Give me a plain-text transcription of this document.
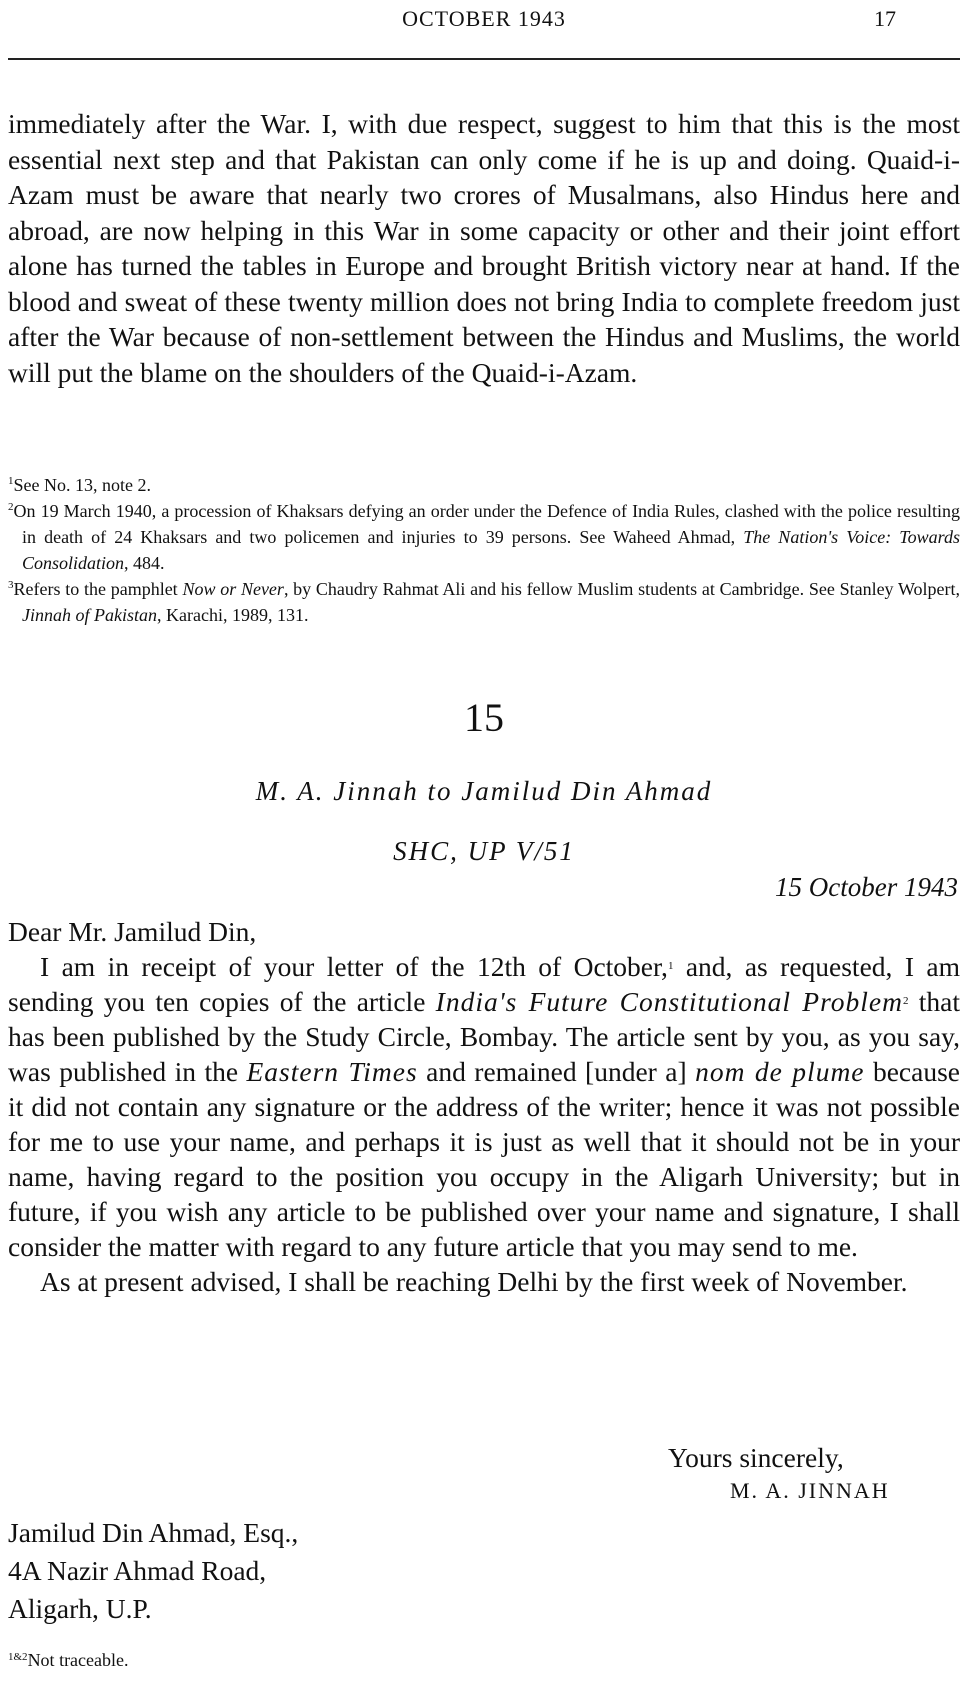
OCTOBER 1943	17

immediately after the War. I, with due respect, suggest to him that this is the most essential next step and that Pakistan can only come if he is up and doing. Quaid-i-Azam must be aware that nearly two crores of Musalmans, also Hindus here and abroad, are now helping in this War in some capacity or other and their joint effort alone has turned the tables in Europe and brought British victory near at hand. If the blood and sweat of these twenty million does not bring India to complete freedom just after the War because of non-settlement between the Hindus and Muslims, the world will put the blame on the shoulders of the Quaid-i-Azam.

$^1$See No. 13, note 2.

$^2$On 19 March 1940, a procession of Khaksars defying an order under the Defence of India Rules, clashed with the police resulting in death of 24 Khaksars and two policemen and injuries to 39 persons. See Waheed Ahmad, The Nation's Voice: Towards Consolidation, 484.

$^3$Refers to the pamphlet Now or Never, by Chaudry Rahmat Ali and his fellow Muslim students at Cambridge. See Stanley Wolpert, Jinnah of Pakistan, Karachi, 1989, 131.

15
M. A. Jinnah to Jamilud Din Ahmad
SHC, UP V/51
15 October 1943

Dear Mr. Jamilud Din,

I am in receipt of your letter of the 12th of October,$^1$ and, as requested, I am sending you ten copies of the article India's Future Constitutional Problem$^2$ that has been published by the Study Circle, Bombay. The article sent by you, as you say, was published in the Eastern Times and remained [under a] nom de plume because it did not contain any signature or the address of the writer; hence it was not possible for me to use your name, and perhaps it is just as well that it should not be in your name, having regard to the position you occupy in the Aligarh University; but in future, if you wish any article to be published over your name and signature, I shall consider the matter with regard to any future article that you may send to me.

As at present advised, I shall be reaching Delhi by the first week of November.

Yours sincerely,
M. A. JINNAH
Jamilud Din Ahmad, Esq.,
4A Nazir Ahmad Road,
Aligarh, U.P.
$^{1\&2}$Not traceable.
